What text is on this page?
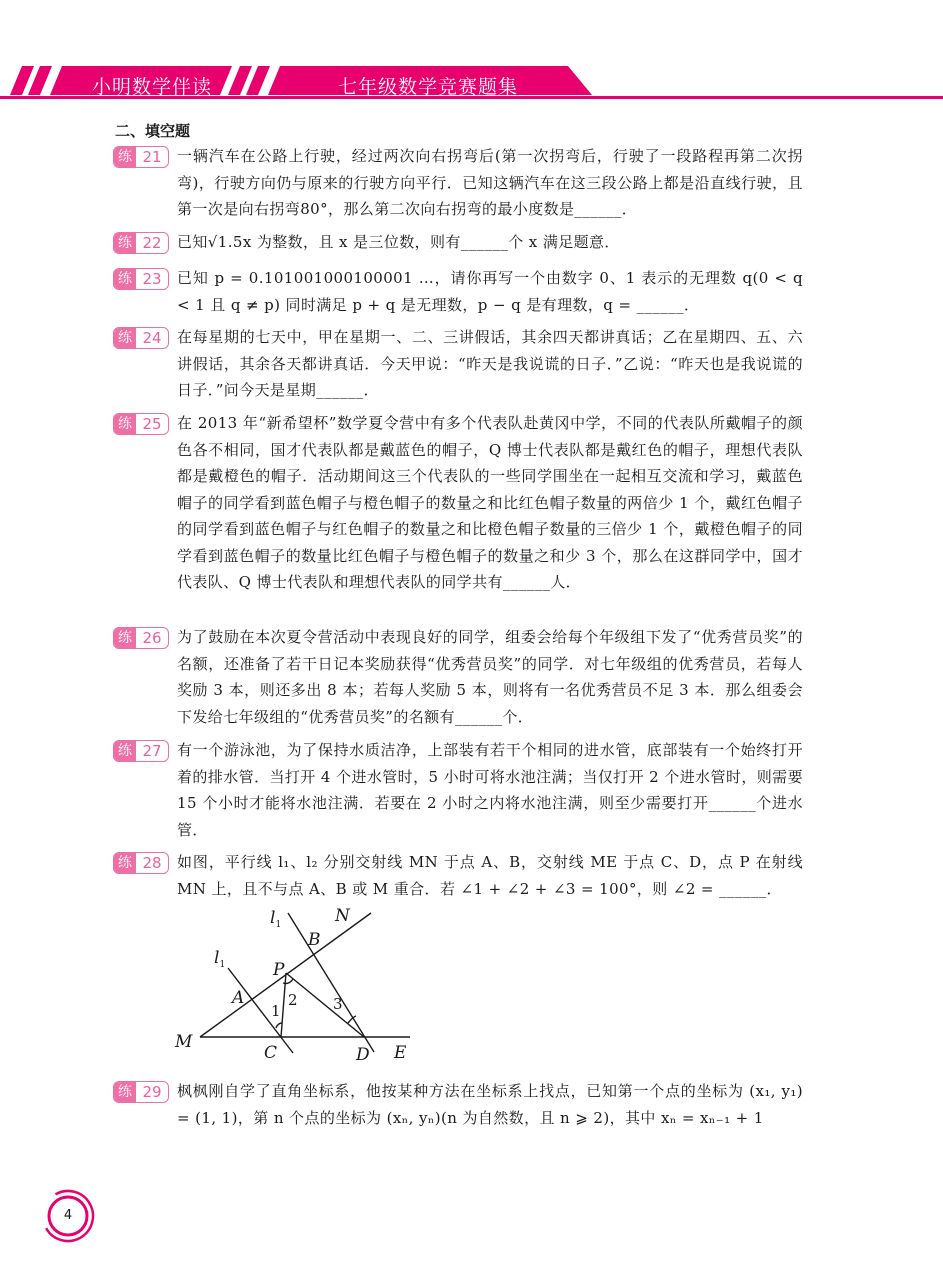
小明数学伴读	七年级数学竞赛题集
二、填空题
练 21 一辆汽车在公路上行驶，经过两次向右拐弯后(第一次拐弯后，行驶了一段路程再第二次拐弯)，行驶方向仍与原来的行驶方向平行．已知这辆汽车在这三段公路上都是沿直线行驶，且第一次是向右拐弯80°，那么第二次向右拐弯的最小度数是______．
练 22 已知√1.5x 为整数，且 x 是三位数，则有______个 x 满足题意．
练 23 已知 p = 0.101001000100001 …，请你再写一个由数字 0、1 表示的无理数 q(0 < q < 1 且 q ≠ p) 同时满足 p + q 是无理数，p − q 是有理数，q = ______．
练 24 在每星期的七天中，甲在星期一、二、三讲假话，其余四天都讲真话；乙在星期四、五、六讲假话，其余各天都讲真话．今天甲说：“昨天是我说谎的日子．”乙说：“昨天也是我说谎的日子．”问今天是星期______．
练 25 在 2013 年“新希望杯”数学夏令营中有多个代表队赴黄冈中学，不同的代表队所戴帽子的颜色各不相同，国才代表队都是戴蓝色的帽子，Q 博士代表队都是戴红色的帽子，理想代表队都是戴橙色的帽子．活动期间这三个代表队的一些同学围坐在一起相互交流和学习，戴蓝色帽子的同学看到蓝色帽子与橙色帽子的数量之和比红色帽子数量的两倍少 1 个，戴红色帽子的同学看到蓝色帽子与红色帽子的数量之和比橙色帽子数量的三倍少 1 个，戴橙色帽子的同学看到蓝色帽子的数量比红色帽子与橙色帽子的数量之和少 3 个，那么在这群同学中，国才代表队、Q 博士代表队和理想代表队的同学共有______人．
练 26 为了鼓励在本次夏令营活动中表现良好的同学，组委会给每个年级组下发了“优秀营员奖”的名额，还准备了若干日记本奖励获得“优秀营员奖”的同学．对七年级组的优秀营员，若每人奖励 3 本，则还多出 8 本；若每人奖励 5 本，则将有一名优秀营员不足 3 本．那么组委会下发给七年级组的“优秀营员奖”的名额有______个．
练 27 有一个游泳池，为了保持水质洁净，上部装有若干个相同的进水管，底部装有一个始终打开着的排水管．当打开 4 个进水管时，5 小时可将水池注满；当仅打开 2 个进水管时，则需要 15 个小时才能将水池注满．若要在 2 小时之内将水池注满，则至少需要打开______个进水管．
练 28 如图，平行线 l₁、l₂ 分别交射线 MN 于点 A、B，交射线 ME 于点 C、D，点 P 在射线 MN 上，且不与点 A、B 或 M 重合．若 ∠1 + ∠2 + ∠3 = 100°，则 ∠2 = ______．
$l_1$	N
B
$l_1$	P
A
M
C	D E
1
2 3
练 29 枫枫刚自学了直角坐标系，他按某种方法在坐标系上找点，已知第一个点的坐标为 (x₁, y₁) = (1, 1)，第 n 个点的坐标为 (xₙ, yₙ)(n 为自然数，且 n ⩾ 2)，其中 xₙ = xₙ₋₁ + 1
4
